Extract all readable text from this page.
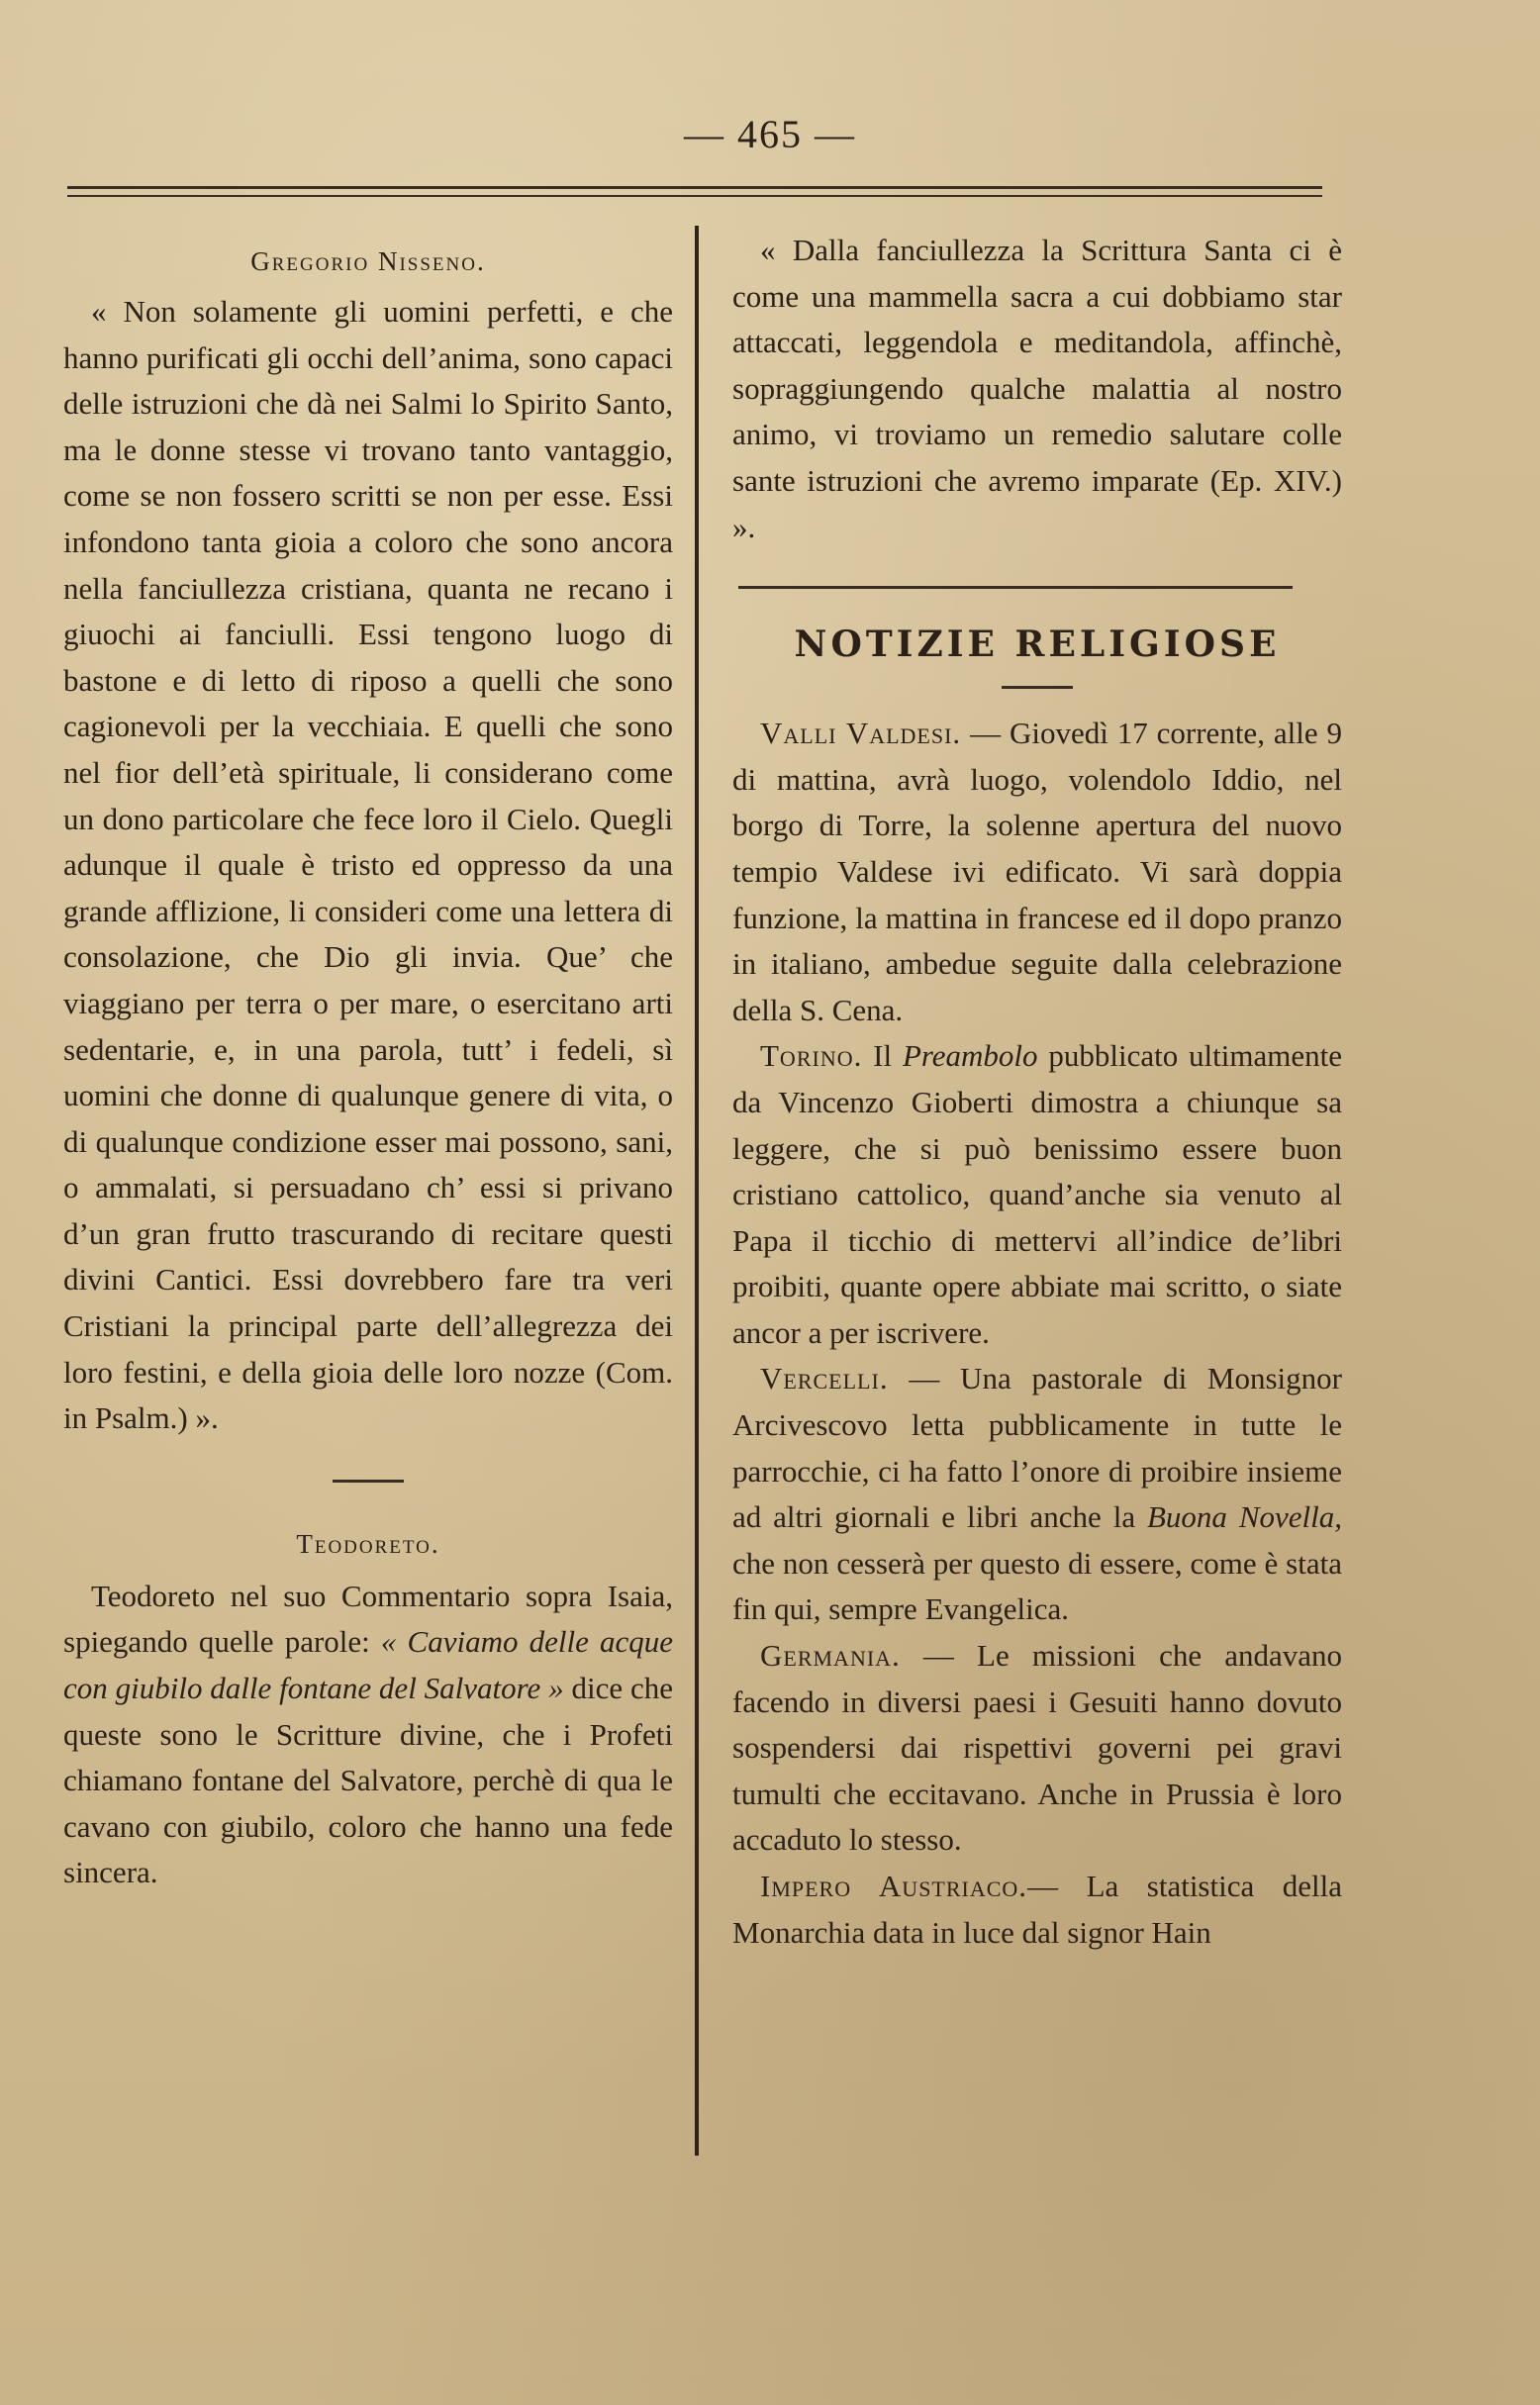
— 465 —
Gregorio Nisseno.

« Non solamente gli uomini perfetti, e che hanno purificati gli occhi dell’anima, sono capaci delle istruzioni che dà nei Salmi lo Spirito Santo, ma le donne stesse vi trovano tanto vantaggio, come se non fossero scritti se non per esse. Essi infondono tanta gioia a coloro che sono ancora nella fanciullezza cristiana, quanta ne recano i giuochi ai fanciulli. Essi tengono luogo di bastone e di letto di riposo a quelli che sono cagionevoli per la vecchiaia. E quelli che sono nel fior dell’età spirituale, li considerano come un dono particolare che fece loro il Cielo. Quegli adunque il quale è tristo ed oppresso da una grande afflizione, li consideri come una lettera di consolazione, che Dio gli invia. Que’ che viaggiano per terra o per mare, o esercitano arti sedentarie, e, in una parola, tutt’ i fedeli, sì uomini che donne di qualunque genere di vita, o di qualunque condizione esser mai possono, sani, o ammalati, si persuadano ch’ essi si privano d’un gran frutto trascurando di recitare questi divini Cantici. Essi dovrebbero fare tra veri Cristiani la principal parte dell’allegrezza dei loro festini, e della gioia delle loro nozze (Com. in Psalm.) ».

Teodoreto.

Teodoreto nel suo Commentario sopra Isaia, spiegando quelle parole: « Caviamo delle acque con giubilo dalle fontane del Salvatore » dice che queste sono le Scritture divine, che i Profeti chiamano fontane del Salvatore, perchè di qua le cavano con giubilo, coloro che hanno una fede sincera.

« Dalla fanciullezza la Scrittura Santa ci è come una mammella sacra a cui dobbiamo star attaccati, leggendola e meditandola, affinchè, sopraggiungendo qualche malattia al nostro animo, vi troviamo un remedio salutare colle sante istruzioni che avremo imparate (Ep. XIV.) ».

NOTIZIE RELIGIOSE

Valli Valdesi. — Giovedì 17 corrente, alle 9 di mattina, avrà luogo, volendolo Iddio, nel borgo di Torre, la solenne apertura del nuovo tempio Valdese ivi edificato. Vi sarà doppia funzione, la mattina in francese ed il dopo pranzo in italiano, ambedue seguite dalla celebrazione della S. Cena.

Torino. Il Preambolo pubblicato ultimamente da Vincenzo Gioberti dimostra a chiunque sa leggere, che si può benissimo essere buon cristiano cattolico, quand’anche sia venuto al Papa il ticchio di mettervi all’indice de’libri proibiti, quante opere abbiate mai scritto, o siate ancor a per iscrivere.

Vercelli. — Una pastorale di Monsignor Arcivescovo letta pubblicamente in tutte le parrocchie, ci ha fatto l’onore di proibire insieme ad altri giornali e libri anche la Buona Novella, che non cesserà per questo di essere, come è stata fin qui, sempre Evangelica.

Germania. — Le missioni che andavano facendo in diversi paesi i Gesuiti hanno dovuto sospendersi dai rispettivi governi pei gravi tumulti che eccitavano. Anche in Prussia è loro accaduto lo stesso.

Impero Austriaco.— La statistica della Monarchia data in luce dal signor Hain
